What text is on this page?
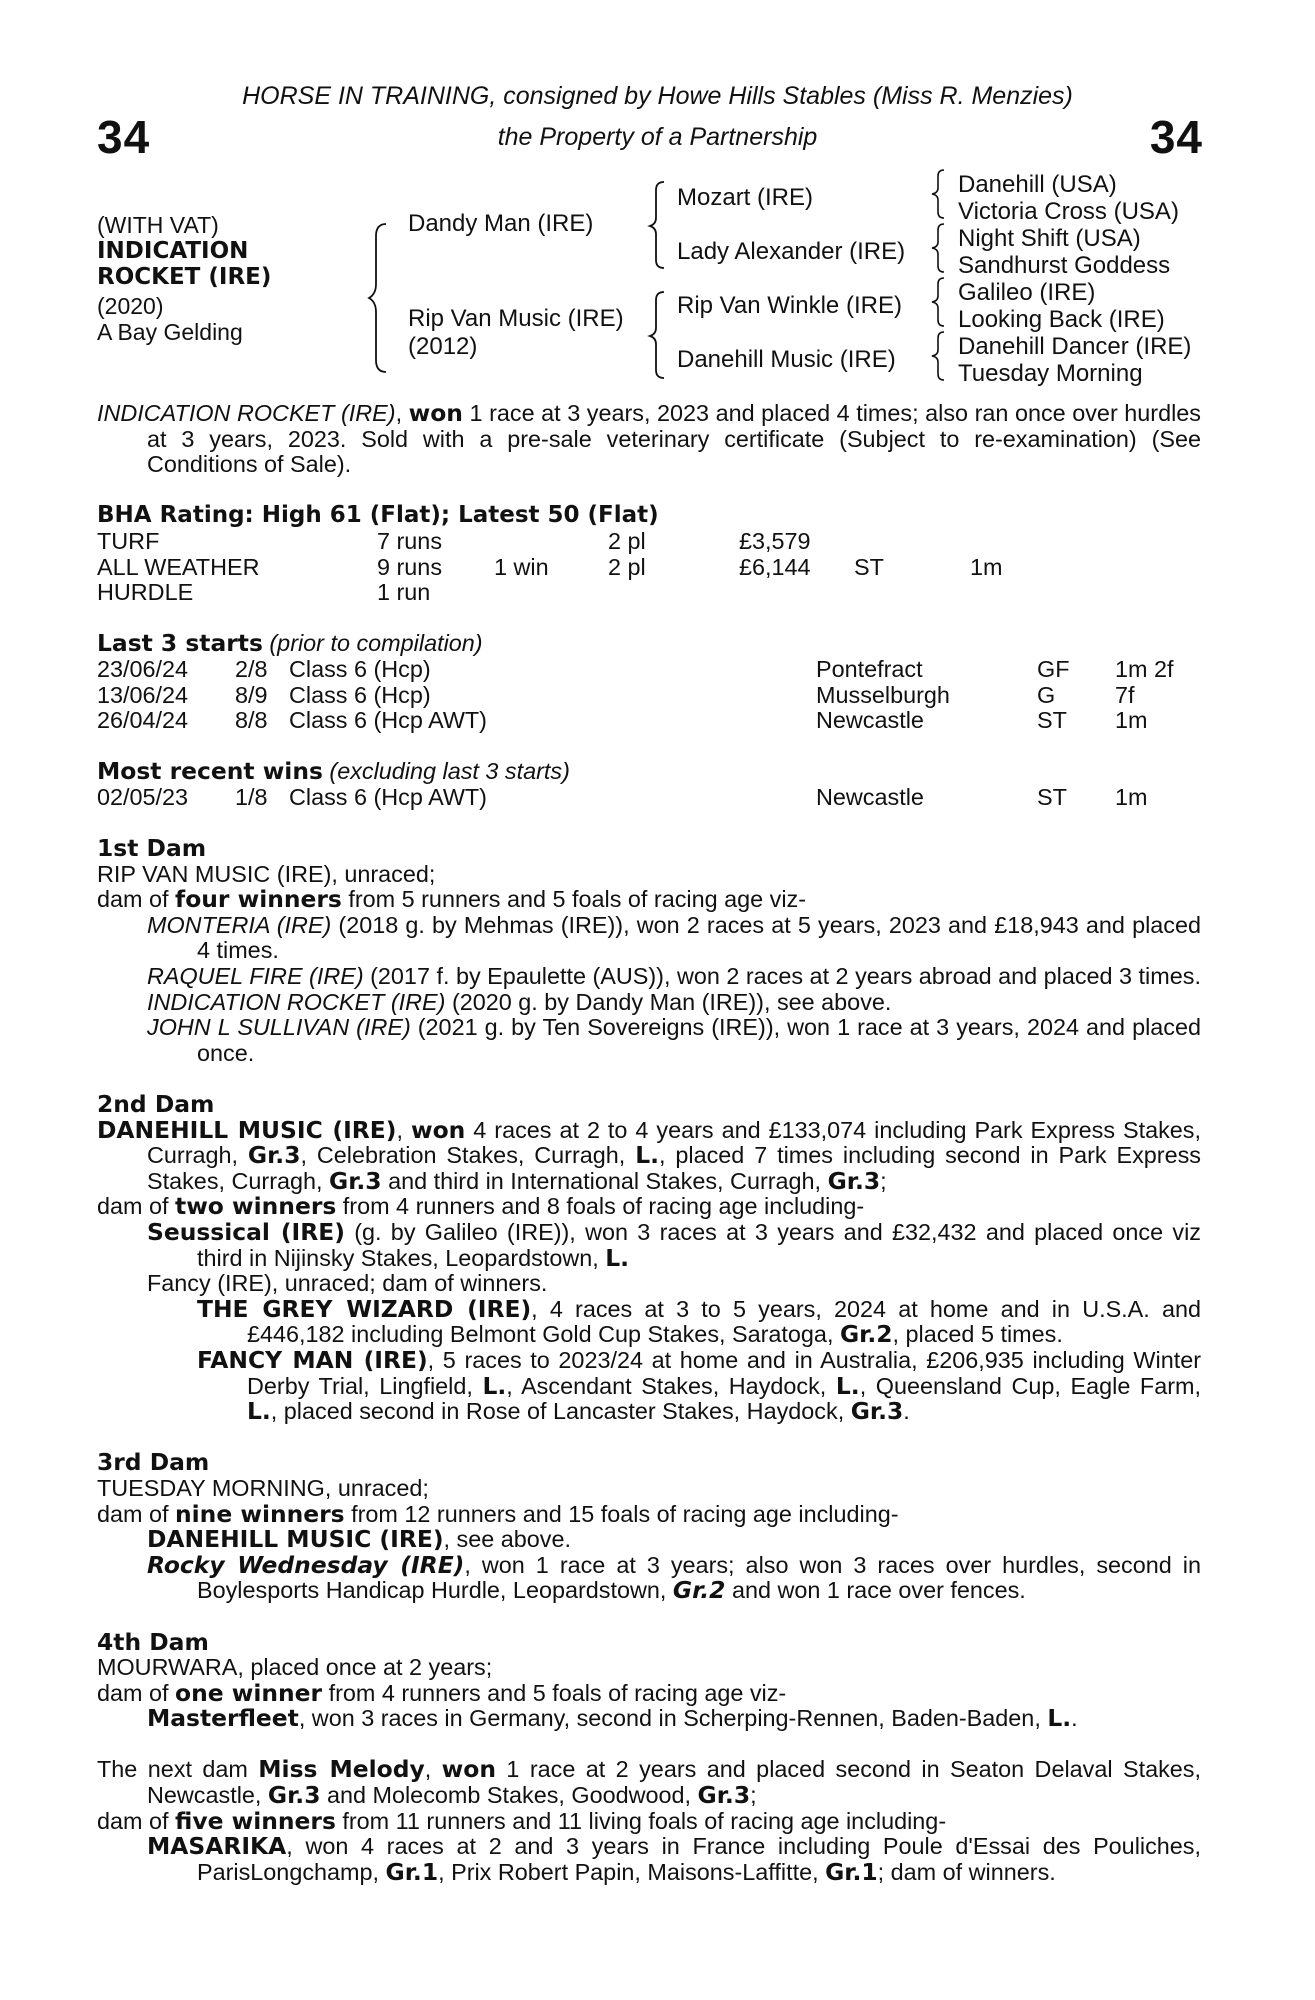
34	34
HORSE IN TRAINING, consigned by Howe Hills Stables (Miss R. Menzies)
the Property of a Partnership
(WITH VAT)
INDICATION
ROCKET (IRE)
(2020)
A Bay Gelding
Dandy Man (IRE)
Rip Van Music (IRE)
(2012)
Mozart (IRE)
Lady Alexander (IRE)
Rip Van Winkle (IRE)
Danehill Music (IRE)
Danehill (USA)
Victoria Cross (USA)
Night Shift (USA)
Sandhurst Goddess
Galileo (IRE)
Looking Back (IRE)
Danehill Dancer (IRE)
Tuesday Morning

INDICATION ROCKET (IRE), won 1 race at 3 years, 2023 and placed 4 times; also ran once over hurdles at 3 years, 2023. Sold with a pre-sale veterinary certificate (Subject to re-examination) (See Conditions of Sale).

BHA Rating: High 61 (Flat); Latest 50 (Flat)

TURF	7 runs	2 pl	£3,579
ALL WEATHER	9 runs 1 win	2 pl	£6,144 ST	1m
HURDLE	1 run

Last 3 starts (prior to compilation)

23/06/24 2/8 Class 6 (Hcp)	Pontefract	GF 1m 2f
13/06/24 8/9 Class 6 (Hcp)	Musselburgh	G	7f
26/04/24 8/8 Class 6 (Hcp AWT)	Newcastle	ST 1m

Most recent wins (excluding last 3 starts)

02/05/23 1/8 Class 6 (Hcp AWT)	Newcastle	ST 1m

1st Dam

RIP VAN MUSIC (IRE), unraced;

dam of four winners from 5 runners and 5 foals of racing age viz-

MONTERIA (IRE) (2018 g. by Mehmas (IRE)), won 2 races at 5 years, 2023 and £18,943 and placed 4 times.

RAQUEL FIRE (IRE) (2017 f. by Epaulette (AUS)), won 2 races at 2 years abroad and placed 3 times.

INDICATION ROCKET (IRE) (2020 g. by Dandy Man (IRE)), see above.

JOHN L SULLIVAN (IRE) (2021 g. by Ten Sovereigns (IRE)), won 1 race at 3 years, 2024 and placed once.

2nd Dam

DANEHILL MUSIC (IRE), won 4 races at 2 to 4 years and £133,074 including Park Express Stakes, Curragh, Gr.3, Celebration Stakes, Curragh, L., placed 7 times including second in Park Express Stakes, Curragh, Gr.3 and third in International Stakes, Curragh, Gr.3;

dam of two winners from 4 runners and 8 foals of racing age including-

Seussical (IRE) (g. by Galileo (IRE)), won 3 races at 3 years and £32,432 and placed once viz third in Nijinsky Stakes, Leopardstown, L.

Fancy (IRE), unraced; dam of winners.

THE GREY WIZARD (IRE), 4 races at 3 to 5 years, 2024 at home and in U.S.A. and £446,182 including Belmont Gold Cup Stakes, Saratoga, Gr.2, placed 5 times.

FANCY MAN (IRE), 5 races to 2023/24 at home and in Australia, £206,935 including Winter Derby Trial, Lingfield, L., Ascendant Stakes, Haydock, L., Queensland Cup, Eagle Farm, L., placed second in Rose of Lancaster Stakes, Haydock, Gr.3.

3rd Dam

TUESDAY MORNING, unraced;

dam of nine winners from 12 runners and 15 foals of racing age including-

DANEHILL MUSIC (IRE), see above.

Rocky Wednesday (IRE), won 1 race at 3 years; also won 3 races over hurdles, second in Boylesports Handicap Hurdle, Leopardstown, Gr.2 and won 1 race over fences.

4th Dam

MOURWARA, placed once at 2 years;

dam of one winner from 4 runners and 5 foals of racing age viz-

Masterfleet, won 3 races in Germany, second in Scherping-Rennen, Baden-Baden, L..

The next dam Miss Melody, won 1 race at 2 years and placed second in Seaton Delaval Stakes, Newcastle, Gr.3 and Molecomb Stakes, Goodwood, Gr.3;

dam of five winners from 11 runners and 11 living foals of racing age including-

MASARIKA, won 4 races at 2 and 3 years in France including Poule d'Essai des Pouliches, ParisLongchamp, Gr.1, Prix Robert Papin, Maisons-Laffitte, Gr.1; dam of winners.
